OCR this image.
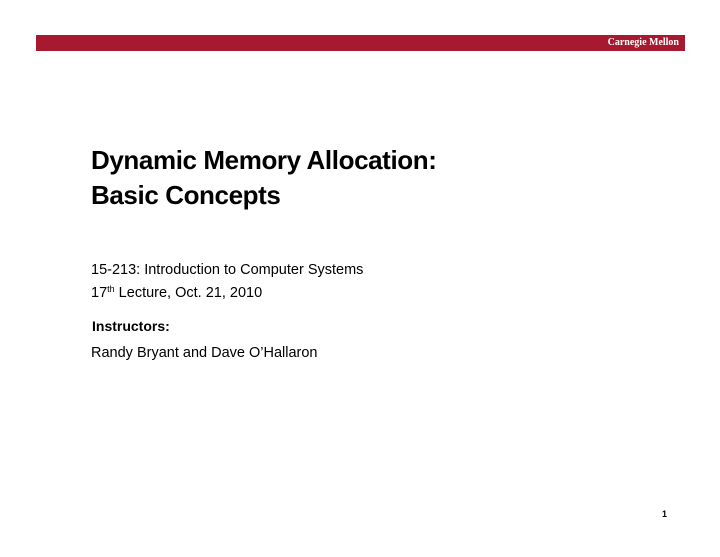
Carnegie Mellon
Dynamic Memory Allocation:
Basic Concepts
15-213: Introduction to Computer Systems
17th Lecture, Oct. 21, 2010
Instructors:
Randy Bryant and Dave O’Hallaron
1
